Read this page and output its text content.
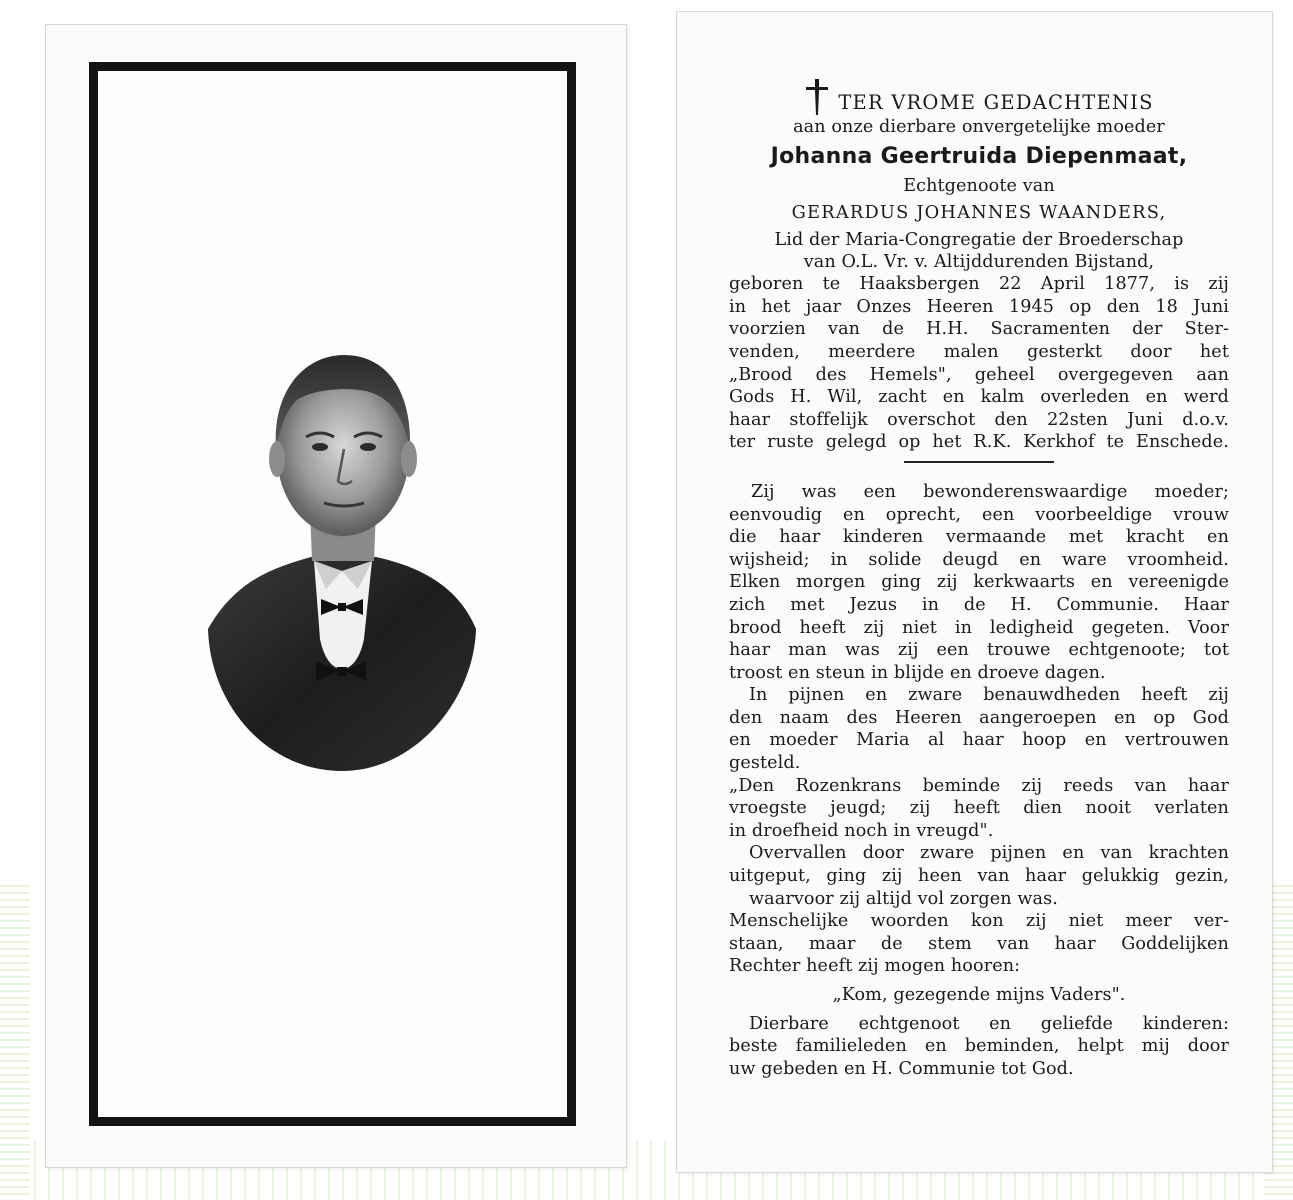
TER VROME GEDACHTENIS
aan onze dierbare onvergetelijke moeder
Johanna Geertruida Diepenmaat,
Echtgenoote van
GERARDUS JOHANNES WAANDERS,
Lid der Maria-Congregatie der Broederschap
van O.L. Vr. v. Altijddurenden Bijstand,
geboren te Haaksbergen 22 April 1877, is zij
in het jaar Onzes Heeren 1945 op den 18 Juni
voorzien van de H.H. Sacramenten der Ster-
venden, meerdere malen gesterkt door het
„Brood des Hemels", geheel overgegeven aan
Gods H. Wil, zacht en kalm overleden en werd
haar stoffelijk overschot den 22sten Juni d.o.v.
ter ruste gelegd op het R.K. Kerkhof te Enschede.
Zij was een bewonderenswaardige moeder;
eenvoudig en oprecht, een voorbeeldige vrouw
die haar kinderen vermaande met kracht en
wijsheid; in solide deugd en ware vroomheid.
Elken morgen ging zij kerkwaarts en vereenigde
zich met Jezus in de H. Communie. Haar
brood heeft zij niet in ledigheid gegeten. Voor
haar man was zij een trouwe echtgenoote; tot
troost en steun in blijde en droeve dagen.
In pijnen en zware benauwdheden heeft zij
den naam des Heeren aangeroepen en op God
en moeder Maria al haar hoop en vertrouwen
gesteld.
„Den Rozenkrans beminde zij reeds van haar
vroegste jeugd; zij heeft dien nooit verlaten
in droefheid noch in vreugd".
Overvallen door zware pijnen en van krachten
uitgeput, ging zij heen van haar gelukkig gezin,
waarvoor zij altijd vol zorgen was.
Menschelijke woorden kon zij niet meer ver-
staan, maar de stem van haar Goddelijken
Rechter heeft zij mogen hooren:
„Kom, gezegende mijns Vaders".
Dierbare echtgenoot en geliefde kinderen:
beste familieleden en beminden, helpt mij door
uw gebeden en H. Communie tot God.
